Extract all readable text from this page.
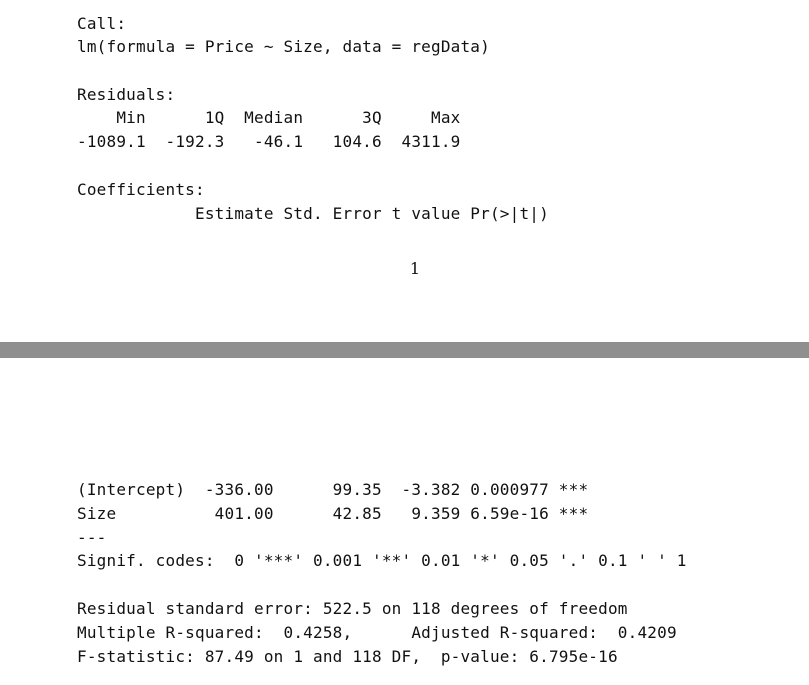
Call:
lm(formula = Price ~ Size, data = regData)
Residuals:
Min      1Q  Median      3Q     Max
-1089.1  -192.3   -46.1   104.6  4311.9
Coefficients:
Estimate Std. Error t value Pr(>|t|)
1
(Intercept)  -336.00      99.35  -3.382 0.000977 ***
Size          401.00      42.85   9.359 6.59e-16 ***
---
Signif. codes:  0 '***' 0.001 '**' 0.01 '*' 0.05 '.' 0.1 ' ' 1
Residual standard error: 522.5 on 118 degrees of freedom
Multiple R-squared:  0.4258,      Adjusted R-squared:  0.4209
F-statistic: 87.49 on 1 and 118 DF,  p-value: 6.795e-16
